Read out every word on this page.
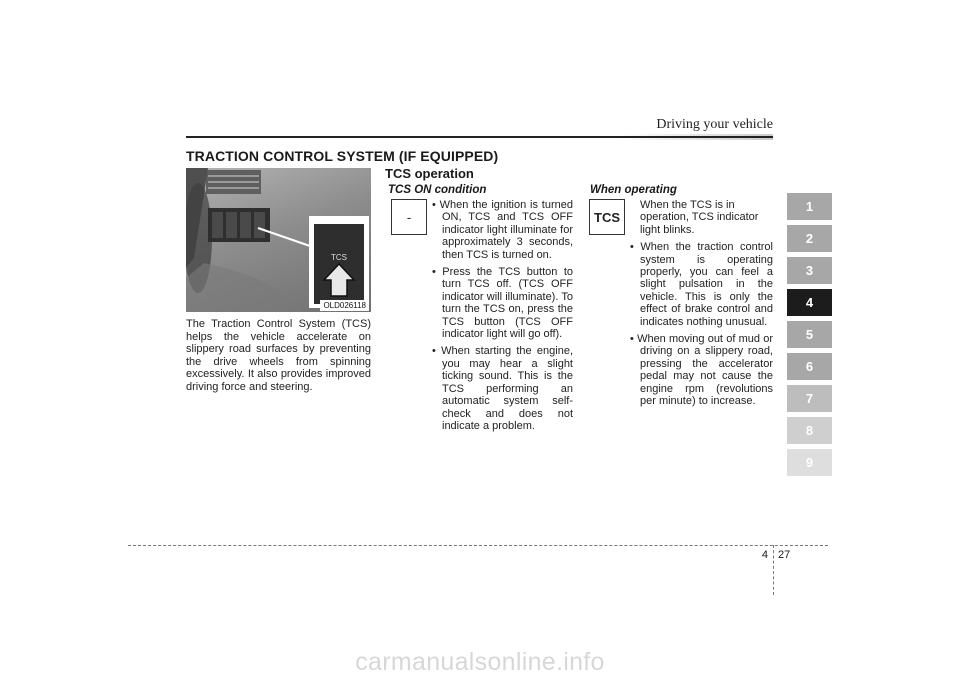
Driving your vehicle
TRACTION CONTROL SYSTEM (IF EQUIPPED)
TCS
OLD026118
The Traction Control System (TCS) helps the vehicle accelerate on slippery road surfaces by preventing the drive wheels from spinning excessively. It also provides improved driving force and steering.
TCS operation
TCS ON condition
-
• When the ignition is turned ON, TCS and TCS OFF indicator light illuminate for approximately 3 seconds, then TCS is turned on.
• Press the TCS button to turn TCS off. (TCS OFF indicator will illuminate). To turn the TCS on, press the TCS button (TCS OFF indicator light will go off).
• When starting the engine, you may hear a slight ticking sound. This is the TCS performing an automatic system self-check and does not indicate a problem.
When operating
TCS

When the TCS is in operation, TCS indicator light blinks.

• When the traction control system is operating properly, you can feel a slight pulsation in the vehicle. This is only the effect of brake control and indicates nothing unusual.
• When moving out of mud or driving on a slippery road, pressing the accelerator pedal may not cause the engine rpm (revolutions per minute) to increase.
1
2
3
4
5
6
7
8
9
4 27
carmanualsonline.info
